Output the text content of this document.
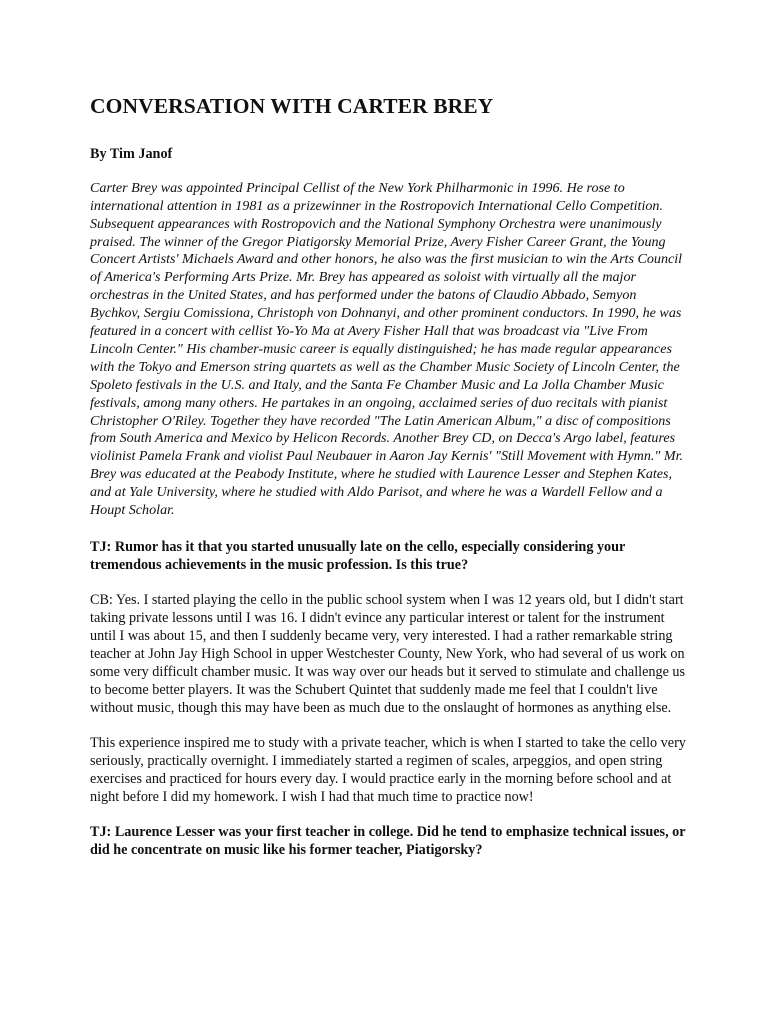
CONVERSATION WITH CARTER BREY

By Tim Janof

Carter Brey was appointed Principal Cellist of the New York Philharmonic in 1996. He rose to international attention in 1981 as a prizewinner in the Rostropovich International Cello Competition. Subsequent appearances with Rostropovich and the National Symphony Orchestra were unanimously praised. The winner of the Gregor Piatigorsky Memorial Prize, Avery Fisher Career Grant, the Young Concert Artists' Michaels Award and other honors, he also was the first musician to win the Arts Council of America's Performing Arts Prize. Mr. Brey has appeared as soloist with virtually all the major orchestras in the United States, and has performed under the batons of Claudio Abbado, Semyon Bychkov, Sergiu Comissiona, Christoph von Dohnanyi, and other prominent conductors. In 1990, he was featured in a concert with cellist Yo-Yo Ma at Avery Fisher Hall that was broadcast via "Live From Lincoln Center." His chamber-music career is equally distinguished; he has made regular appearances with the Tokyo and Emerson string quartets as well as the Chamber Music Society of Lincoln Center, the Spoleto festivals in the U.S. and Italy, and the Santa Fe Chamber Music and La Jolla Chamber Music festivals, among many others. He partakes in an ongoing, acclaimed series of duo recitals with pianist Christopher O'Riley. Together they have recorded "The Latin American Album," a disc of compositions from South America and Mexico by Helicon Records. Another Brey CD, on Decca's Argo label, features violinist Pamela Frank and violist Paul Neubauer in Aaron Jay Kernis' "Still Movement with Hymn." Mr. Brey was educated at the Peabody Institute, where he studied with Laurence Lesser and Stephen Kates, and at Yale University, where he studied with Aldo Parisot, and where he was a Wardell Fellow and a Houpt Scholar.

TJ: Rumor has it that you started unusually late on the cello, especially considering your tremendous achievements in the music profession. Is this true?

CB: Yes. I started playing the cello in the public school system when I was 12 years old, but I didn't start taking private lessons until I was 16. I didn't evince any particular interest or talent for the instrument until I was about 15, and then I suddenly became very, very interested. I had a rather remarkable string teacher at John Jay High School in upper Westchester County, New York, who had several of us work on some very difficult chamber music. It was way over our heads but it served to stimulate and challenge us to become better players. It was the Schubert Quintet that suddenly made me feel that I couldn't live without music, though this may have been as much due to the onslaught of hormones as anything else.

This experience inspired me to study with a private teacher, which is when I started to take the cello very seriously, practically overnight. I immediately started a regimen of scales, arpeggios, and open string exercises and practiced for hours every day. I would practice early in the morning before school and at night before I did my homework. I wish I had that much time to practice now!

TJ: Laurence Lesser was your first teacher in college. Did he tend to emphasize technical issues, or did he concentrate on music like his former teacher, Piatigorsky?
